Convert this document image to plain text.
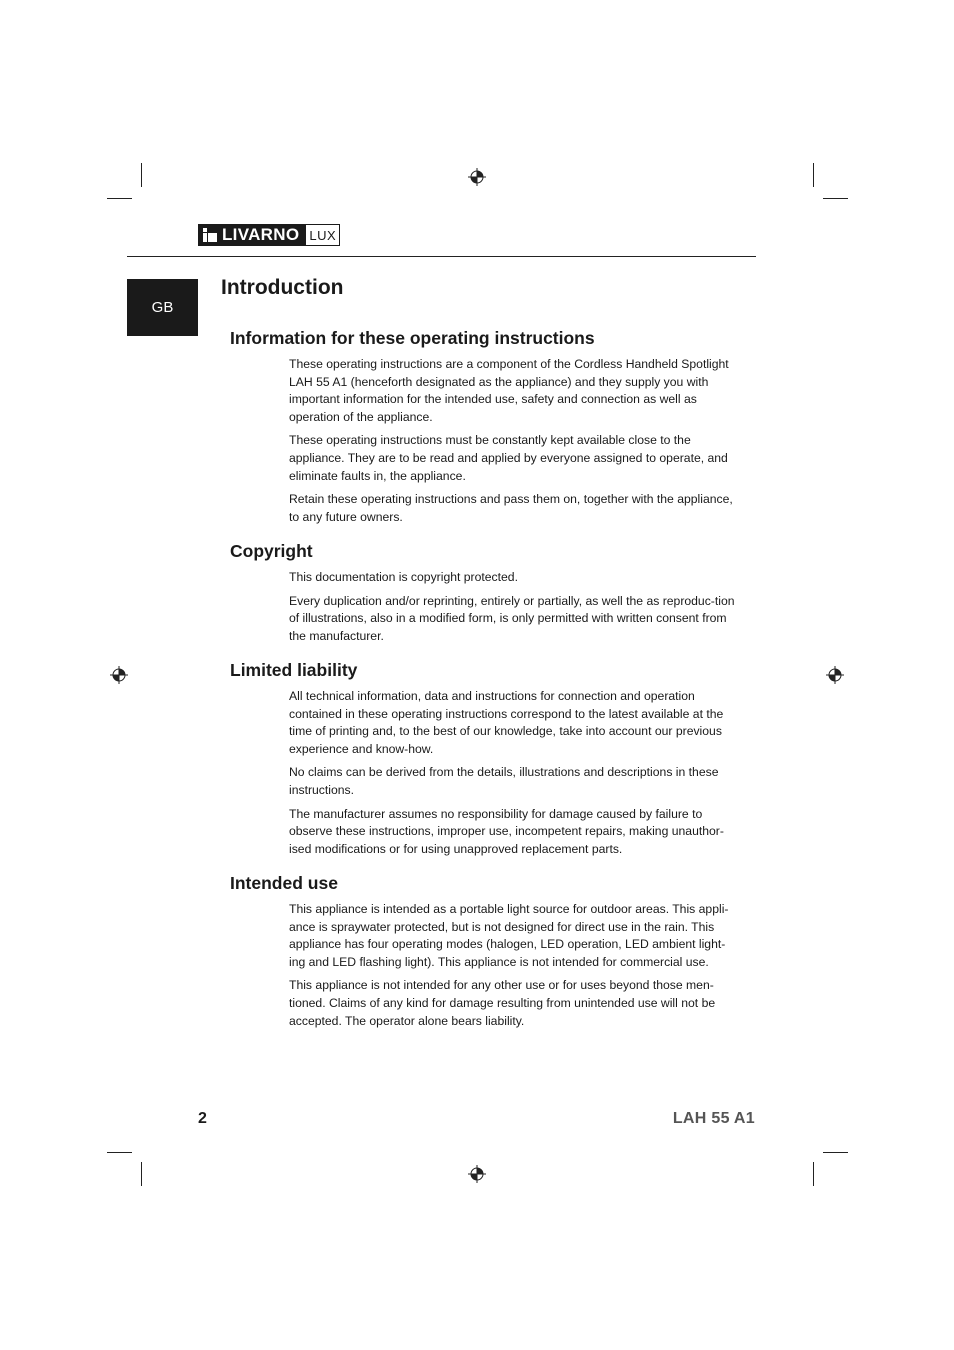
LIVARNO LUX
GB
Introduction
Information for these operating instructions

These operating instructions are a component of the Cordless Handheld Spotlight LAH 55 A1 (henceforth designated as the appliance) and they supply you with important information for the intended use, safety and connection as well as operation of the appliance.

These operating instructions must be constantly kept available close to the appliance. They are to be read and applied by everyone assigned to operate, and eliminate faults in, the appliance.

Retain these operating instructions and pass them on, together with the appliance, to any future owners.

Copyright

This documentation is copyright protected.

Every duplication and/or reprinting, entirely or partially, as well the as reproduc-tion of illustrations, also in a modified form, is only permitted with written consent from the manufacturer.

Limited liability

All technical information, data and instructions for connection and operation contained in these operating instructions correspond to the latest available at the time of printing and, to the best of our knowledge, take into account our previous experience and know-how.

No claims can be derived from the details, illustrations and descriptions in these instructions.

The manufacturer assumes no responsibility for damage caused by failure to observe these instructions, improper use, incompetent repairs, making unauthor-ised modifications or for using unapproved replacement parts.

Intended use

This appliance is intended as a portable light source for outdoor areas. This appli-ance is spraywater protected, but is not designed for direct use in the rain. This appliance has four operating modes (halogen, LED operation, LED ambient light-ing and LED flashing light). This appliance is not intended for commercial use.

This appliance is not intended for any other use or for uses beyond those men-tioned. Claims of any kind for damage resulting from unintended use will not be accepted. The operator alone bears liability.

2	LAH 55 A1
